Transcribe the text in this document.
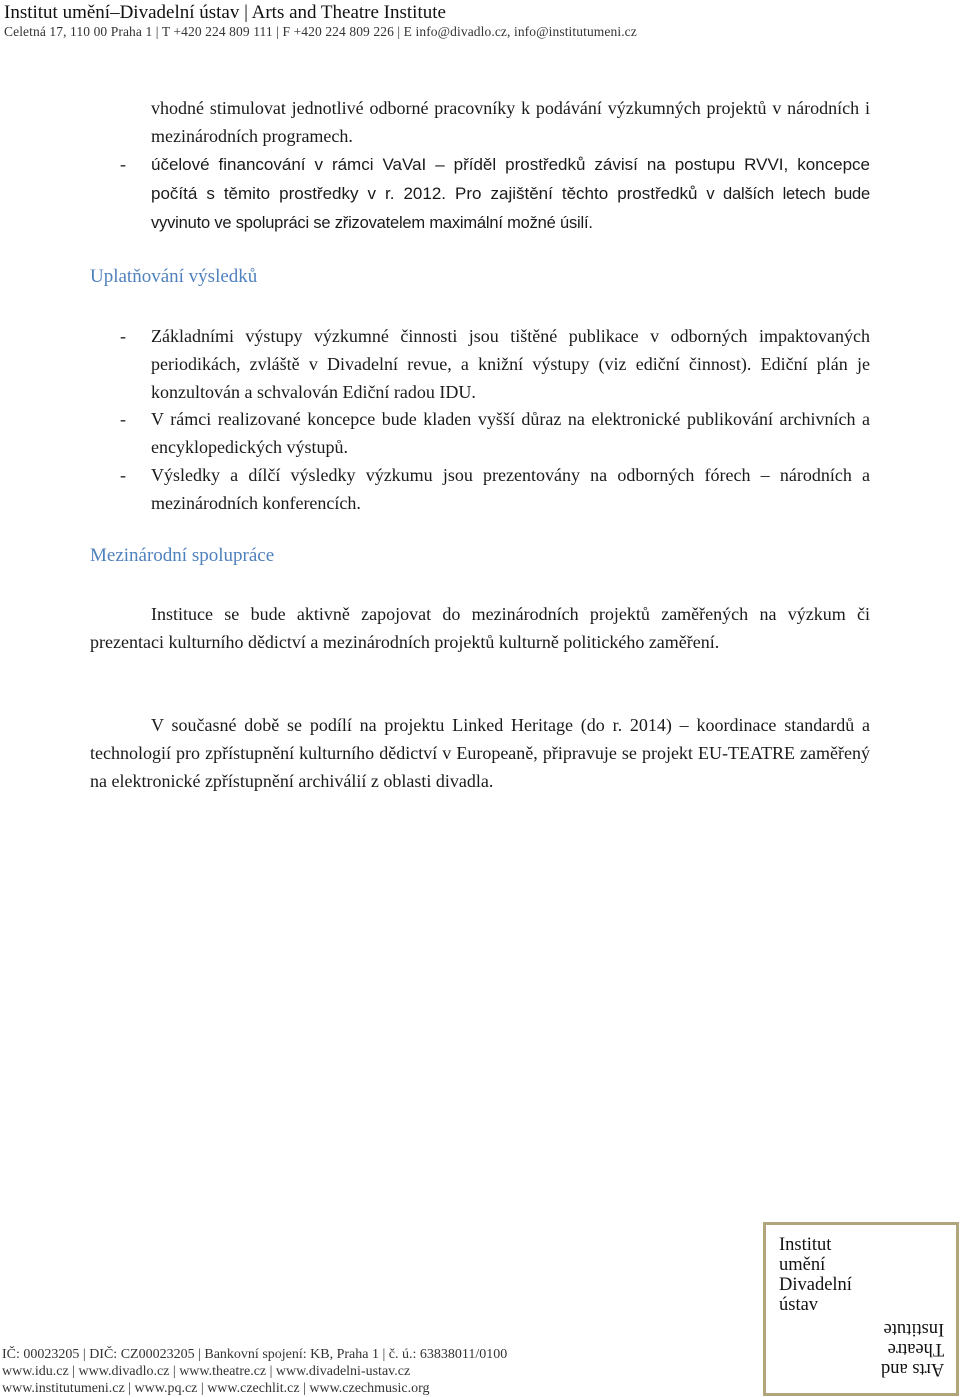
Institut umění–Divadelní ústav | Arts and Theatre Institute
Celetná 17, 110 00 Praha 1 | T +420 224 809 111 | F +420 224 809 226 | E info@divadlo.cz, info@institutumeni.cz

vhodné stimulovat jednotlivé odborné pracovníky k podávání výzkumných projektů v národních i mezinárodních programech.

- účelové financování v rámci VaVaI – příděl prostředků závisí na postupu RVVI, koncepce počítá s těmito prostředky v r. 2012. Pro zajištění těchto prostředků v dalších letech bude vyvinuto ve spolupráci se zřizovatelem maximální možné úsilí.
Uplatňování výsledků
- Základními výstupy výzkumné činnosti jsou tištěné publikace v odborných impaktovaných periodikách, zvláště v Divadelní revue, a knižní výstupy (viz ediční činnost). Ediční plán je konzultován a schvalován Ediční radou IDU.
- V rámci realizované koncepce bude kladen vyšší důraz na elektronické publikování archivních a encyklopedických výstupů.
- Výsledky a dílčí výsledky výzkumu jsou prezentovány na odborných fórech – národních a mezinárodních konferencích.
Mezinárodní spolupráce

Instituce se bude aktivně zapojovat do mezinárodních projektů zaměřených na výzkum či prezentaci kulturního dědictví a mezinárodních projektů kulturně politického zaměření.

V současné době se podílí na projektu Linked Heritage (do r. 2014) – koordinace standardů a technologií pro zpřístupnění kulturního dědictví v Europeaně, připravuje se projekt EU-TEATRE zaměřený na elektronické zpřístupnění archiválií z oblasti divadla.

Institut
umění
Divadelní
ústav
Arts and
Theatre
Institute
IČ: 00023205 | DIČ: CZ00023205 | Bankovní spojení: KB, Praha 1 | č. ú.: 63838011/0100
www.idu.cz | www.divadlo.cz | www.theatre.cz | www.divadelni-ustav.cz
www.institutumeni.cz | www.pq.cz | www.czechlit.cz | www.czechmusic.org
